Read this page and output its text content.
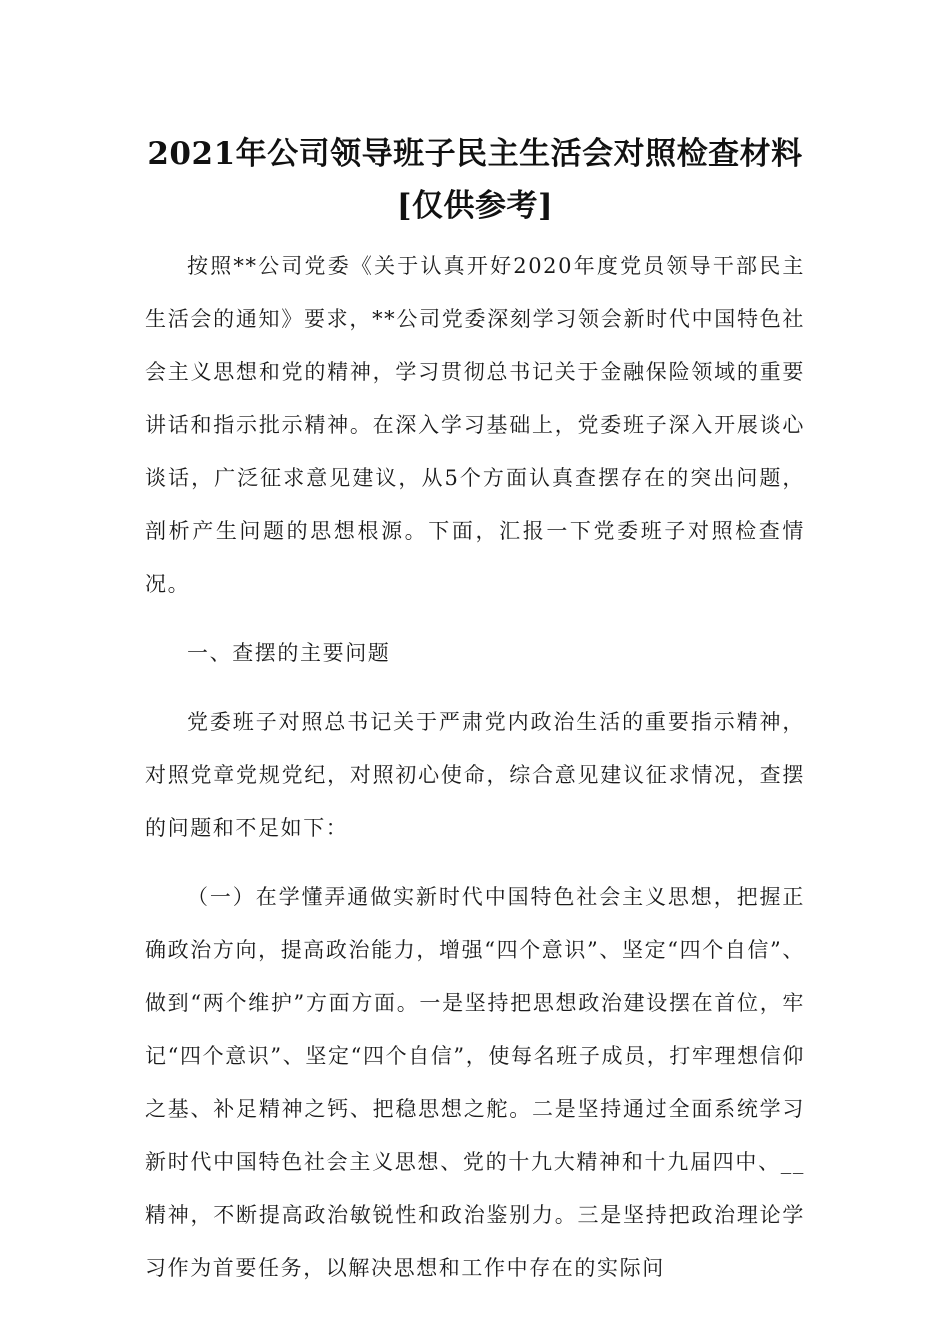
2021年公司领导班子民主生活会对照检查材料[仅供参考]

按照**公司党委《关于认真开好2020年度党员领导干部民主生活会的通知》要求，**公司党委深刻学习领会新时代中国特色社会主义思想和党的精神，学习贯彻总书记关于金融保险领域的重要讲话和指示批示精神。在深入学习基础上，党委班子深入开展谈心谈话，广泛征求意见建议，从5个方面认真查摆存在的突出问题，剖析产生问题的思想根源。下面，汇报一下党委班子对照检查情况。

一、查摆的主要问题

党委班子对照总书记关于严肃党内政治生活的重要指示精神，对照党章党规党纪，对照初心使命，综合意见建议征求情况，查摆的问题和不足如下：

（一）在学懂弄通做实新时代中国特色社会主义思想，把握正确政治方向，提高政治能力，增强“四个意识”、坚定“四个自信”、做到“两个维护”方面方面。一是坚持把思想政治建设摆在首位，牢记“四个意识”、坚定“四个自信”，使每名班子成员，打牢理想信仰之基、补足精神之钙、把稳思想之舵。二是坚持通过全面系统学习新时代中国特色社会主义思想、党的十九大精神和十九届四中、__精神，不断提高政治敏锐性和政治鉴别力。三是坚持把政治理论学习作为首要任务，以解决思想和工作中存在的实际问
